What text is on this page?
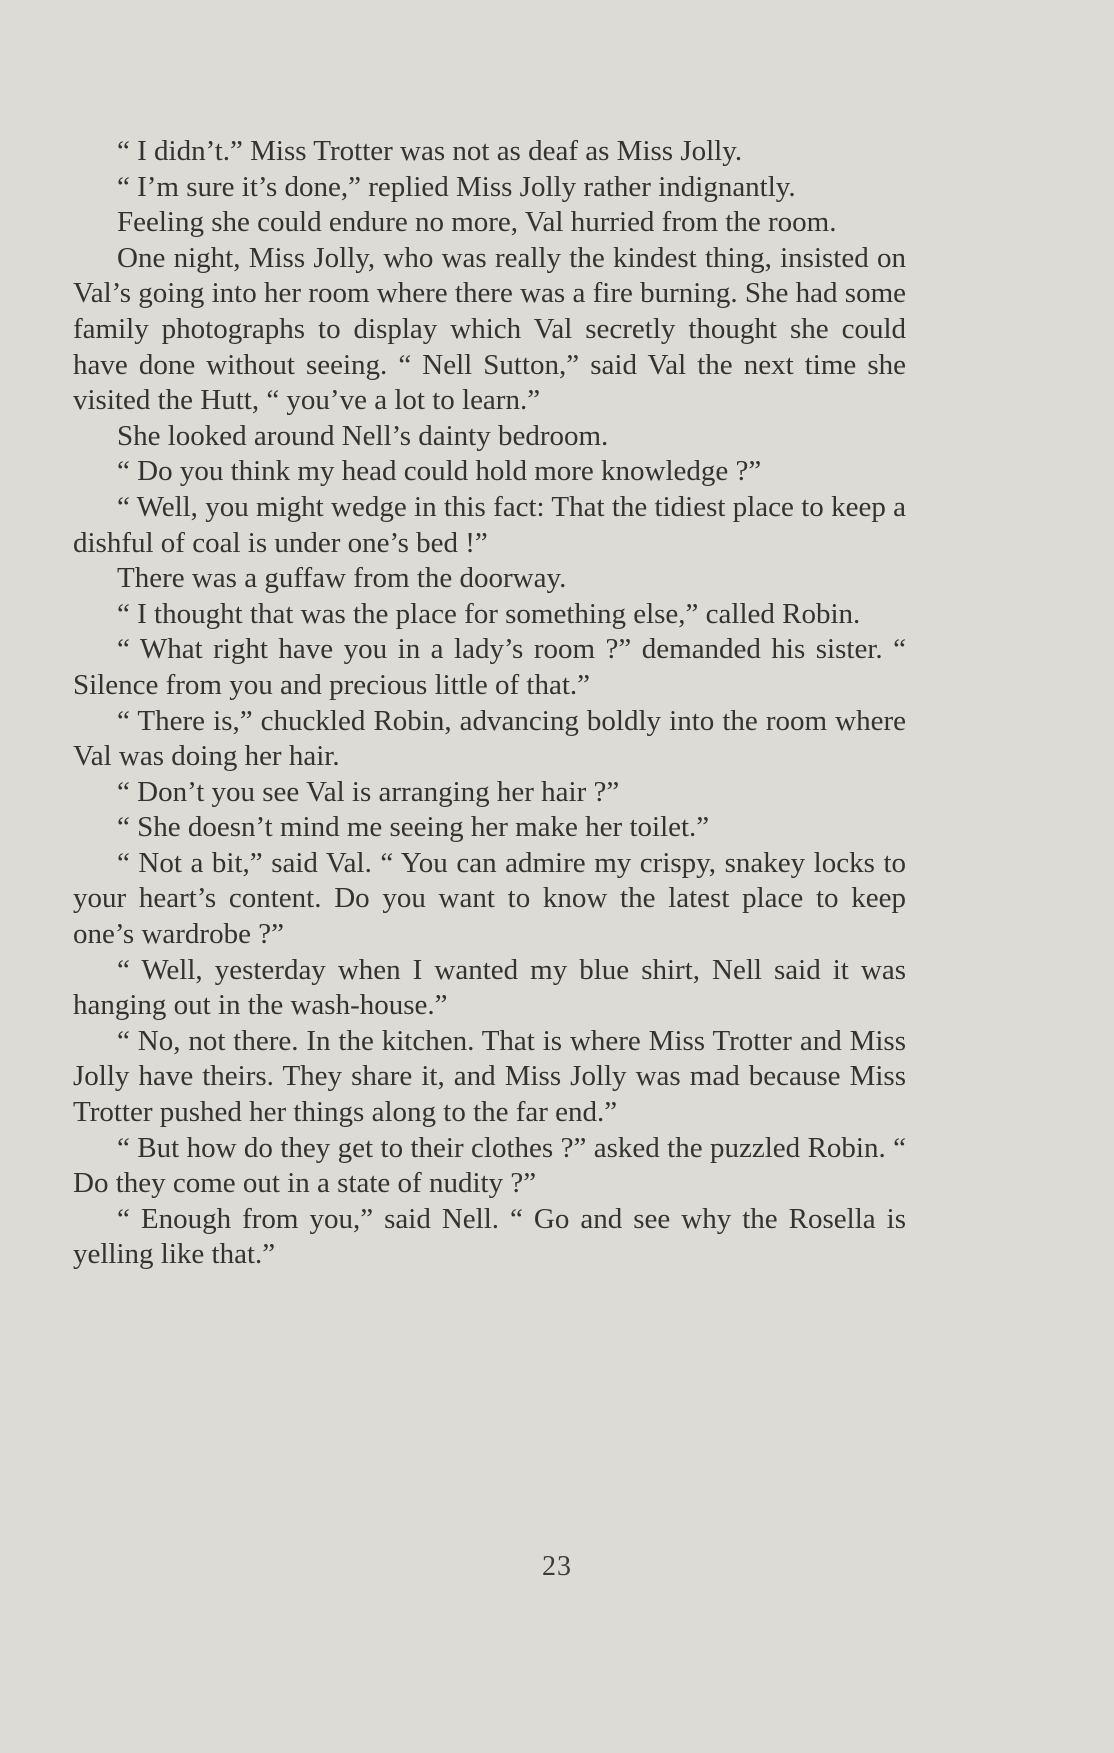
“ I didn’t.” Miss Trotter was not as deaf as Miss Jolly.

“ I’m sure it’s done,” replied Miss Jolly rather indignantly.

Feeling she could endure no more, Val hurried from the room.

One night, Miss Jolly, who was really the kindest thing, insisted on Val’s going into her room where there was a fire burning. She had some family photographs to display which Val secretly thought she could have done without seeing. “ Nell Sutton,” said Val the next time she visited the Hutt, “ you’ve a lot to learn.”

She looked around Nell’s dainty bedroom.

“ Do you think my head could hold more knowledge ?”

“ Well, you might wedge in this fact: That the tidiest place to keep a dishful of coal is under one’s bed !”

There was a guffaw from the doorway.

“ I thought that was the place for something else,” called Robin.

“ What right have you in a lady’s room ?” demanded his sister. “ Silence from you and precious little of that.”

“ There is,” chuckled Robin, advancing boldly into the room where Val was doing her hair.

“ Don’t you see Val is arranging her hair ?”

“ She doesn’t mind me seeing her make her toilet.”

“ Not a bit,” said Val. “ You can admire my crispy, snakey locks to your heart’s content. Do you want to know the latest place to keep one’s wardrobe ?”

“ Well, yesterday when I wanted my blue shirt, Nell said it was hanging out in the wash-house.”

“ No, not there. In the kitchen. That is where Miss Trotter and Miss Jolly have theirs. They share it, and Miss Jolly was mad because Miss Trotter pushed her things along to the far end.”

“ But how do they get to their clothes ?” asked the puzzled Robin. “ Do they come out in a state of nudity ?”

“ Enough from you,” said Nell. “ Go and see why the Rosella is yelling like that.”

23
